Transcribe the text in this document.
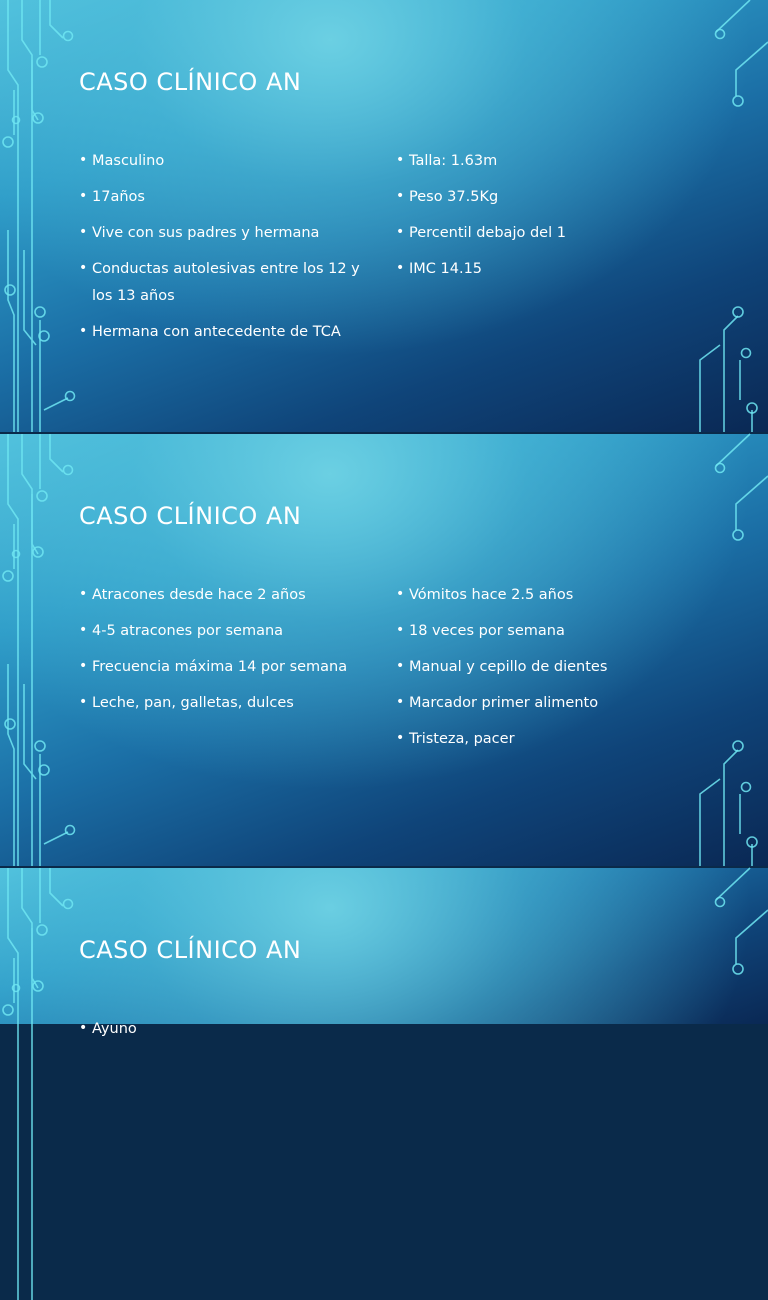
CASO CLÍNICO AN
• Masculino
• 17años
• Vive con sus padres y hermana
• Conductas autolesivas entre los 12 y los 13 años
• Hermana con antecedente de TCA
• Talla: 1.63m
• Peso 37.5Kg
• Percentil debajo del 1
• IMC 14.15
CASO CLÍNICO AN
• Atracones desde hace 2 años
• 4-5 atracones por semana
• Frecuencia máxima 14 por semana
• Leche, pan, galletas, dulces
• Vómitos hace 2.5 años
• 18 veces por semana
• Manual y cepillo de dientes
• Marcador primer alimento
• Tristeza, pacer
CASO CLÍNICO AN
• Ayuno
